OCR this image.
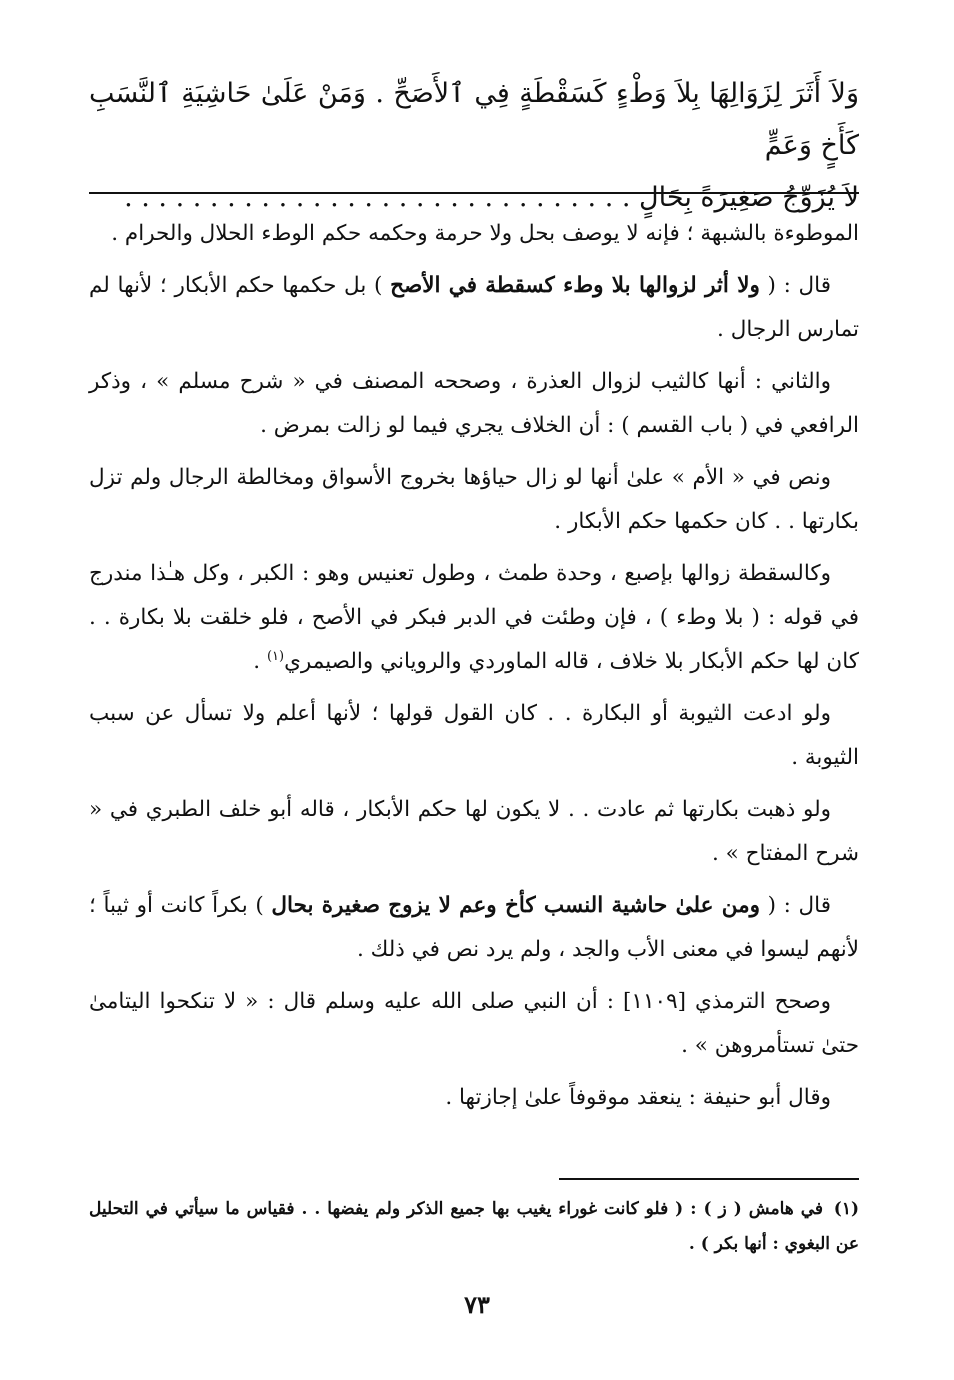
وَلاَ أَثَرَ لِزَوَالِهَا بِلاَ وَطْءٍ كَسَقْطَةٍ فِي ٱلأَصَحِّ . وَمَنْ عَلَىٰ حَاشِيَةِ ٱلنَّسَبِ كَأَخٍ وَعَمٍّ

لاَ يُزَوِّجُ صَغِيرَةً بِحَالٍ . . . . . . . . . . . . . . . . . . . . . . . . . . . . . .

الموطوءة بالشبهة ؛ فإنه لا يوصف بحل ولا حرمة وحكمه حكم الوطء الحلال والحرام .

قال : ( ولا أثر لزوالها بلا وطء كسقطة في الأصح ) بل حكمها حكم الأبكار ؛ لأنها لم تمارس الرجال .

والثاني : أنها كالثيب لزوال العذرة ، وصححه المصنف في « شرح مسلم » ، وذكر الرافعي في ( باب القسم ) : أن الخلاف يجري فيما لو زالت بمرض .

ونص في « الأم » علىٰ أنها لو زال حياؤها بخروج الأسواق ومخالطة الرجال ولم تزل بكارتها . . كان حكمها حكم الأبكار .

وكالسقطة زوالها بإصبع ، وحدة طمث ، وطول تعنيس وهو : الكبر ، وكل هـٰذا مندرج في قوله : ( بلا وطء ) ، فإن وطئت في الدبر فبكر في الأصح ، فلو خلقت بلا بكارة . . كان لها حكم الأبكار بلا خلاف ، قاله الماوردي والروياني والصيمري$^{(١)}$ .

ولو ادعت الثيوبة أو البكارة . . كان القول قولها ؛ لأنها أعلم ولا تسأل عن سبب الثيوبة .

ولو ذهبت بكارتها ثم عادت . . لا يكون لها حكم الأبكار ، قاله أبو خلف الطبري في « شرح المفتاح » .

قال : ( ومن علىٰ حاشية النسب كأخ وعم لا يزوج صغيرة بحال ) بكراً كانت أو ثيباً ؛ لأنهم ليسوا في معنى الأب والجد ، ولم يرد نص في ذلك .

وصحح الترمذي [١١٠٩] : أن النبي صلى الله عليه وسلم قال : « لا تنكحوا اليتامىٰ حتىٰ تستأمروهن » .

وقال أبو حنيفة : ينعقد موقوفاً علىٰ إجازتها .

(١)في هامش ( ز ) : ( فلو كانت غوراء يغيب بها جميع الذكر ولم يفضها . . فقياس ما سيأتي في التحليل عن البغوي : أنها بكر ) .
٧٣
